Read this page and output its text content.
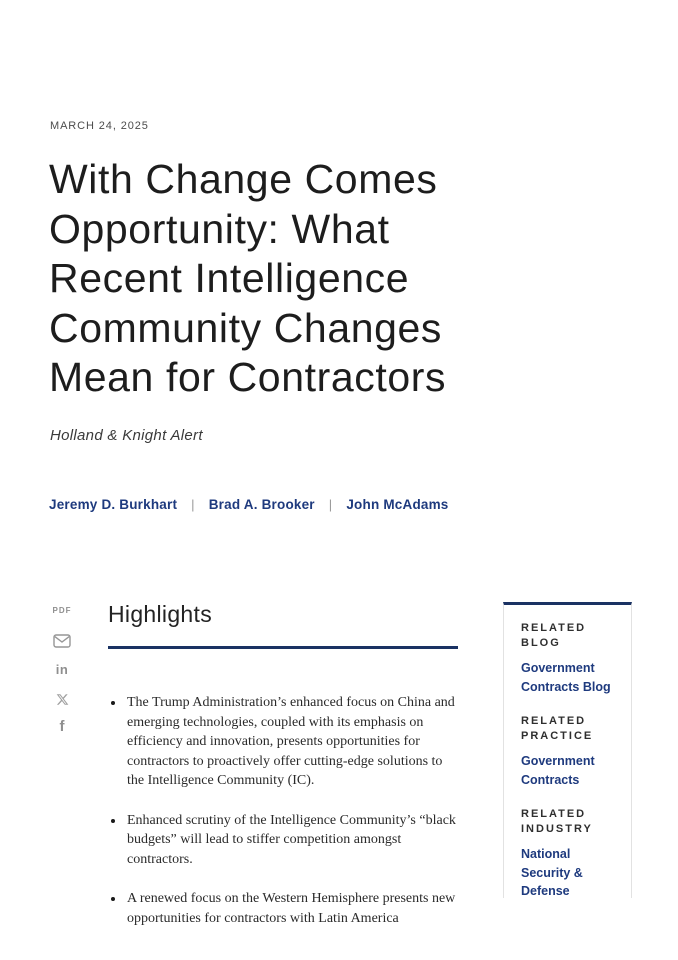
MARCH 24, 2025
With Change Comes
Opportunity: What
Recent Intelligence
Community Changes
Mean for Contractors
Holland & Knight Alert
Jeremy D. Burkhart | Brad A. Brooker | John McAdams
PDF
in
f
Highlights
• The Trump Administration’s enhanced focus on China and emerging technologies, coupled with its emphasis on efficiency and innovation, presents opportunities for contractors to proactively offer cutting-edge solutions to the Intelligence Community (IC).
• Enhanced scrutiny of the Intelligence Community’s “black budgets” will lead to stiffer competition amongst contractors.
• A renewed focus on the Western Hemisphere presents new opportunities for contractors with Latin America
RELATED BLOG
Government Contracts Blog
RELATED PRACTICE
Government Contracts
RELATED INDUSTRY
National Security & Defense
